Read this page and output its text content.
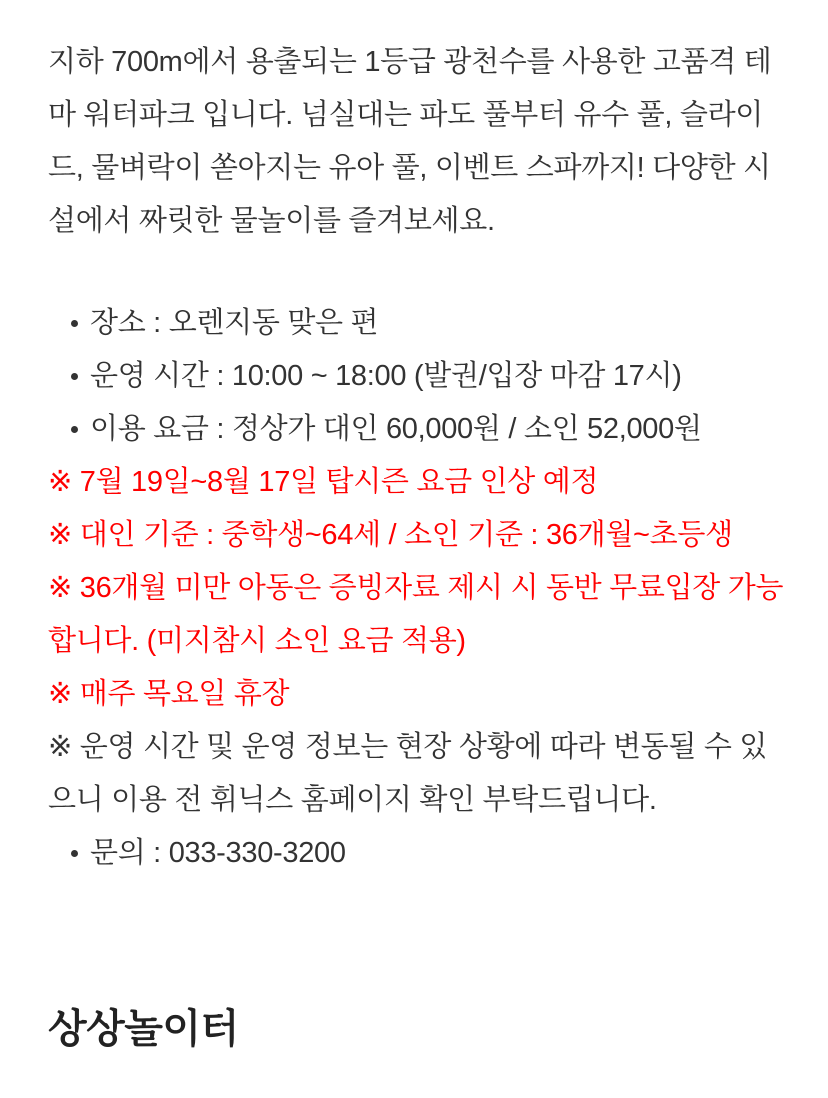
지하 700m에서 용출되는 1등급 광천수를 사용한 고품격 테마 워터파크 입니다. 넘실대는 파도 풀부터 유수 풀, 슬라이드, 물벼락이 쏟아지는 유아 풀, 이벤트 스파까지! 다양한 시설에서 짜릿한 물놀이를 즐겨보세요.

장소 : 오렌지동 맞은 편
운영 시간 : 10:00 ~ 18:00 (발권/입장 마감 17시)
이용 요금 : 정상가 대인 60,000원 / 소인 52,000원

※ 7월 19일~8월 17일 탑시즌 요금 인상 예정

※ 대인 기준 : 중학생~64세 / 소인 기준 : 36개월~초등생

※ 36개월 미만 아동은 증빙자료 제시 시 동반 무료입장 가능합니다. (미지참시 소인 요금 적용)

※ 매주 목요일 휴장

※ 운영 시간 및 운영 정보는 현장 상황에 따라 변동될 수 있으니 이용 전 휘닉스 홈페이지 확인 부탁드립니다.

문의 : 033-330-3200
상상놀이터
